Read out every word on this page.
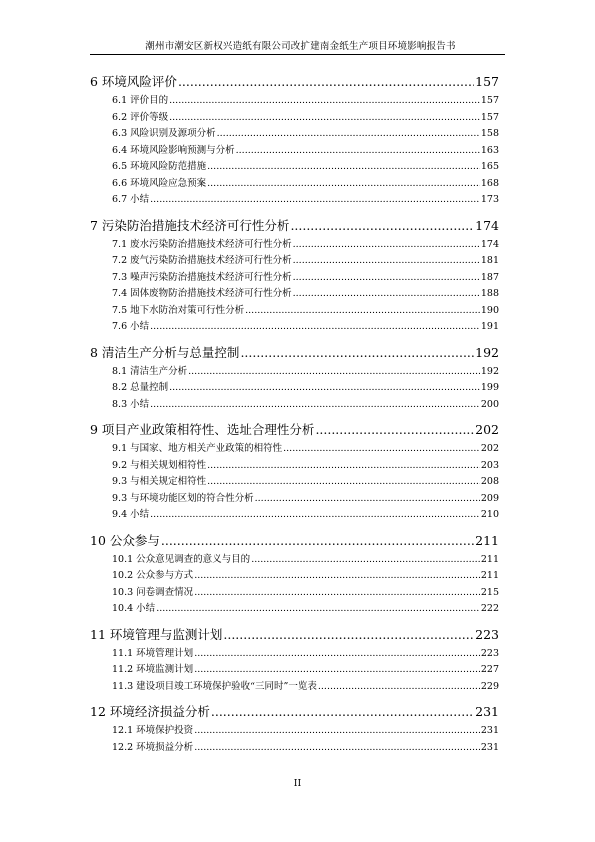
潮州市潮安区新权兴造纸有限公司改扩建南金纸生产项目环境影响报告书
6 环境风险评价 .....	157
6.1 评价目的 .....	157
6.2 评价等级 .....	157
6.3 风险识别及源项分析 .....	158
6.4 环境风险影响预测与分析 .....	163
6.5 环境风险防范措施 .....	165
6.6 环境风险应急预案 .....	168
6.7 小结 .....	173
7 污染防治措施技术经济可行性分析 .....	174
7.1 废水污染防治措施技术经济可行性分析 .....	174
7.2 废气污染防治措施技术经济可行性分析 .....	181
7.3 噪声污染防治措施技术经济可行性分析 .....	187
7.4 固体废物防治措施技术经济可行性分析 .....	188
7.5 地下水防治对策可行性分析 .....	190
7.6 小结 .....	191
8 清洁生产分析与总量控制 .....	192
8.1 清洁生产分析 .....	192
8.2 总量控制 .....	199
8.3 小结 .....	200
9 项目产业政策相符性、选址合理性分析 .....	202
9.1 与国家、地方相关产业政策的相符性 .....	202
9.2 与相关规划相符性 .....	203
9.3 与相关规定相符性 .....	208
9.3 与环境功能区划的符合性分析 .....	209
9.4 小结 .....	210
10 公众参与 .....	211
10.1 公众意见调查的意义与目的 .....	211
10.2 公众参与方式 .....	211
10.3 问卷调查情况 .....	215
10.4 小结 .....	222
11 环境管理与监测计划 .....	223
11.1 环境管理计划 .....	223
11.2 环境监测计划 .....	227
11.3 建设项目竣工环境保护验收“三同时”一览表 .....	229
12 环境经济损益分析 .....	231
12.1 环境保护投资 .....	231
12.2 环境损益分析 .....	231
II
